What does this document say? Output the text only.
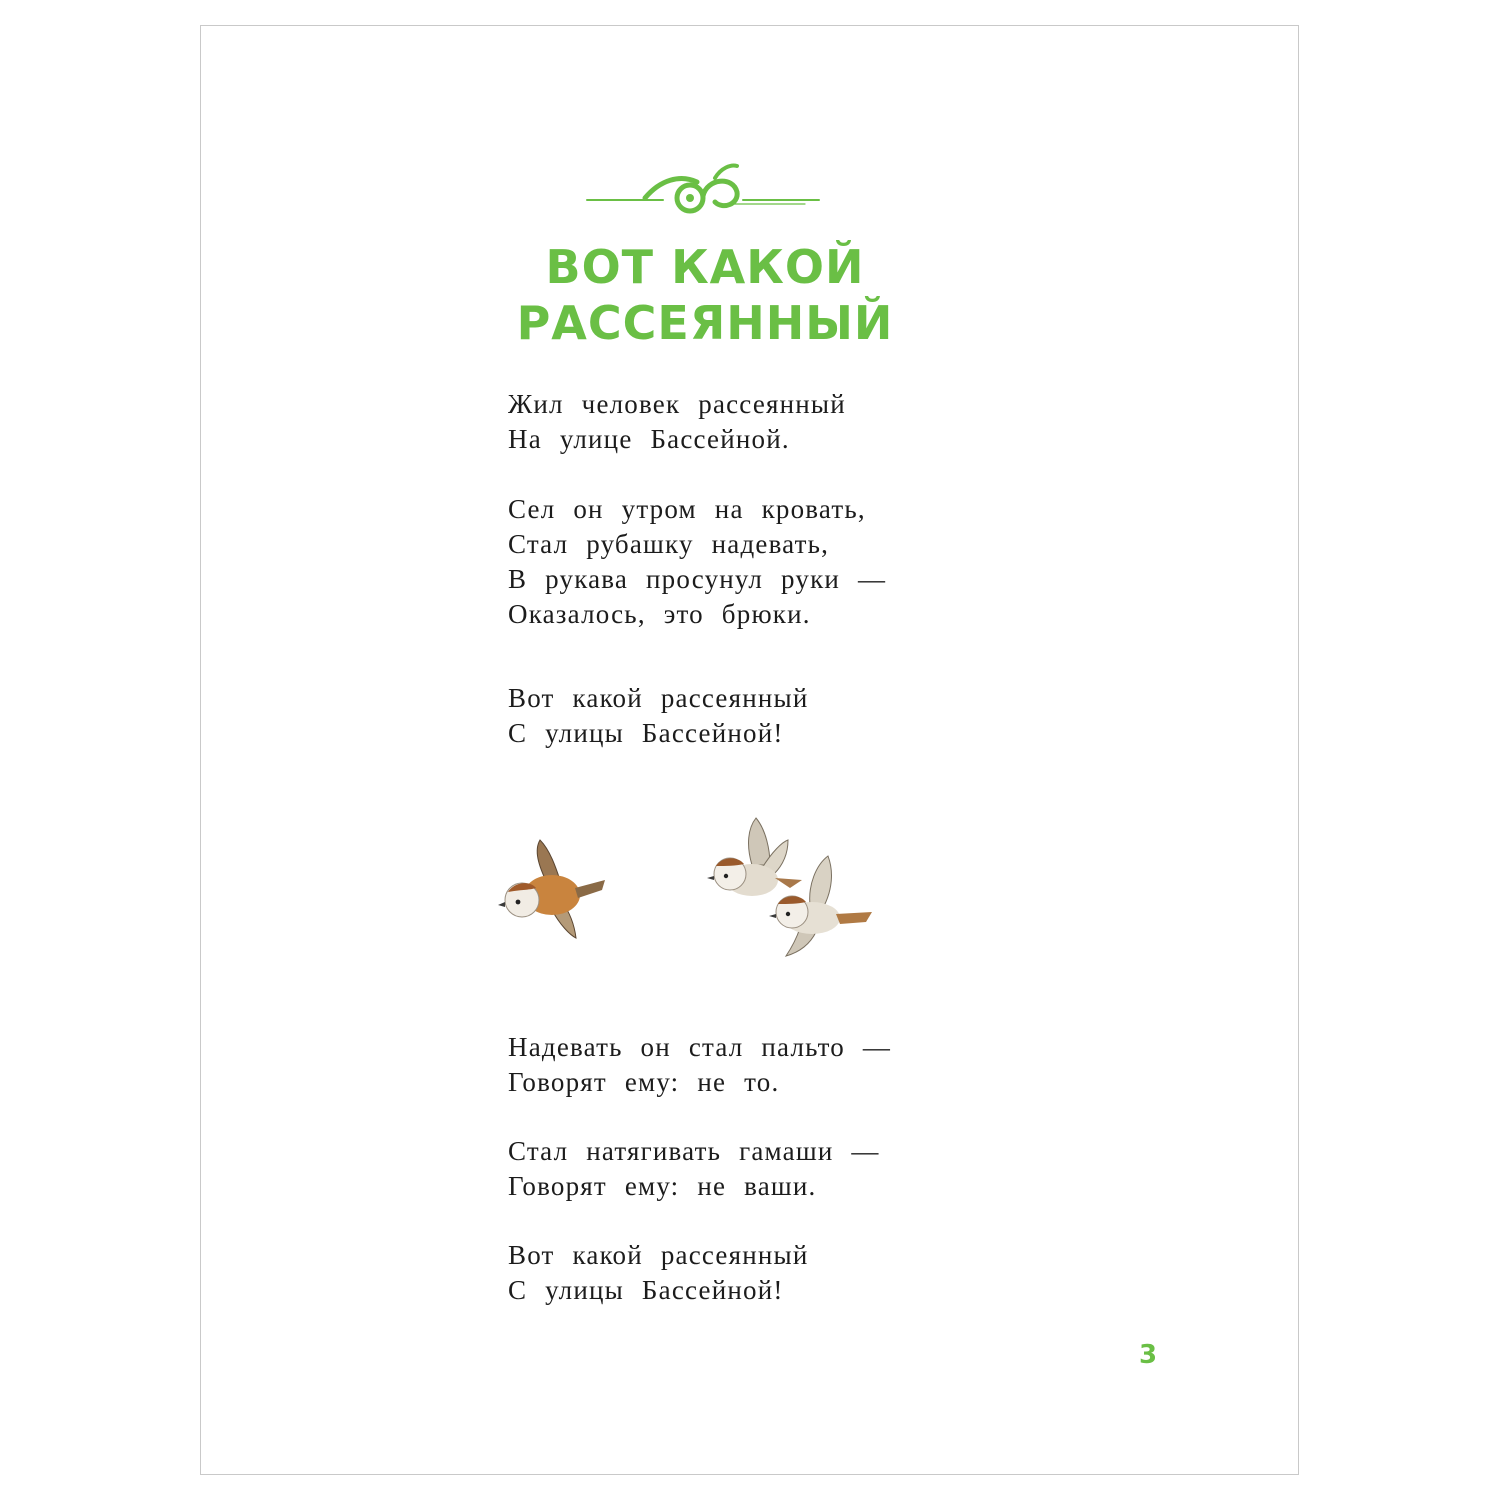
ВОТ КАКОЙ
РАССЕЯННЫЙ
Жил человек рассеянный
На улице Бассейной.
Сел он утром на кровать,
Стал рубашку надевать,
В рукава просунул руки —
Оказалось, это брюки.
Вот какой рассеянный
С улицы Бассейной!
Надевать он стал пальто —
Говорят ему: не то.
Стал натягивать гамаши —
Говорят ему: не ваши.
Вот какой рассеянный
С улицы Бассейной!
3
